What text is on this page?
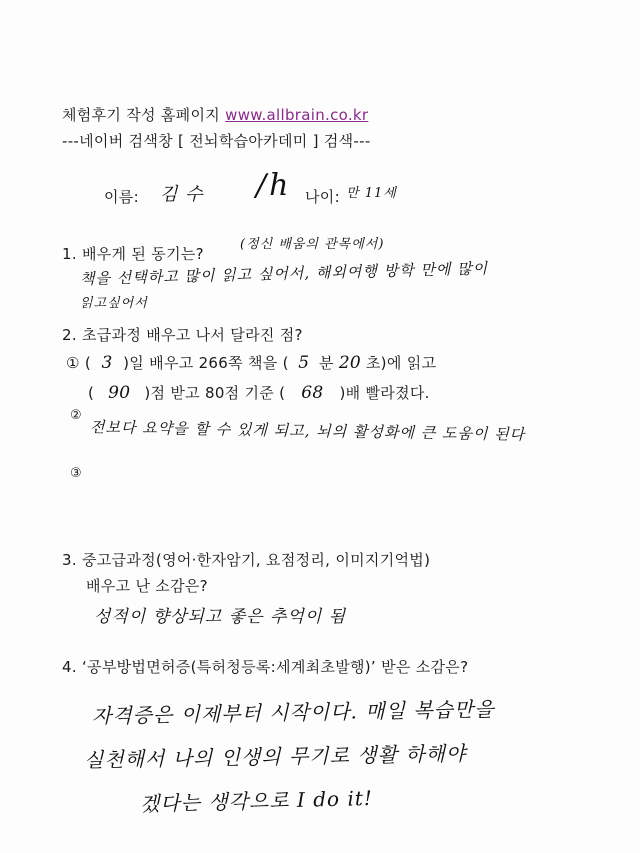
체험후기 작성 홈페이지 www.allbrain.co.kr
---네이버 검색창 [ 전뇌학습아카데미 ] 검색---
이름: 김 수 /h 나이: 만 11세
1. 배우게 된 동기는?
(정신 배움의 관목에서)
책을 선택하고 많이 읽고 싶어서, 해외여행 방학 만에 많이
읽고싶어서
2. 초급과정 배우고 나서 달라진 점?
① ( 3 )일 배우고 266쪽 책을 ( 5 분 20 초)에 읽고
( 90 )점 받고 80점 기준 ( 68 )배 빨라졌다.
②
전보다 요약을 할 수 있게 되고, 뇌의 활성화에 큰 도움이 된다
③
3. 중고급과정(영어·한자암기, 요점정리, 이미지기억법)
배우고 난 소감은?
성적이 향상되고 좋은 추억이 됨
4. ‘공부방법면허증(특허청등록:세계최초발행)’ 받은 소감은?
자격증은 이제부터 시작이다. 매일 복습만을
실천해서 나의 인생의 무기로 생활 하해야
겠다는 생각으로 I do it!
